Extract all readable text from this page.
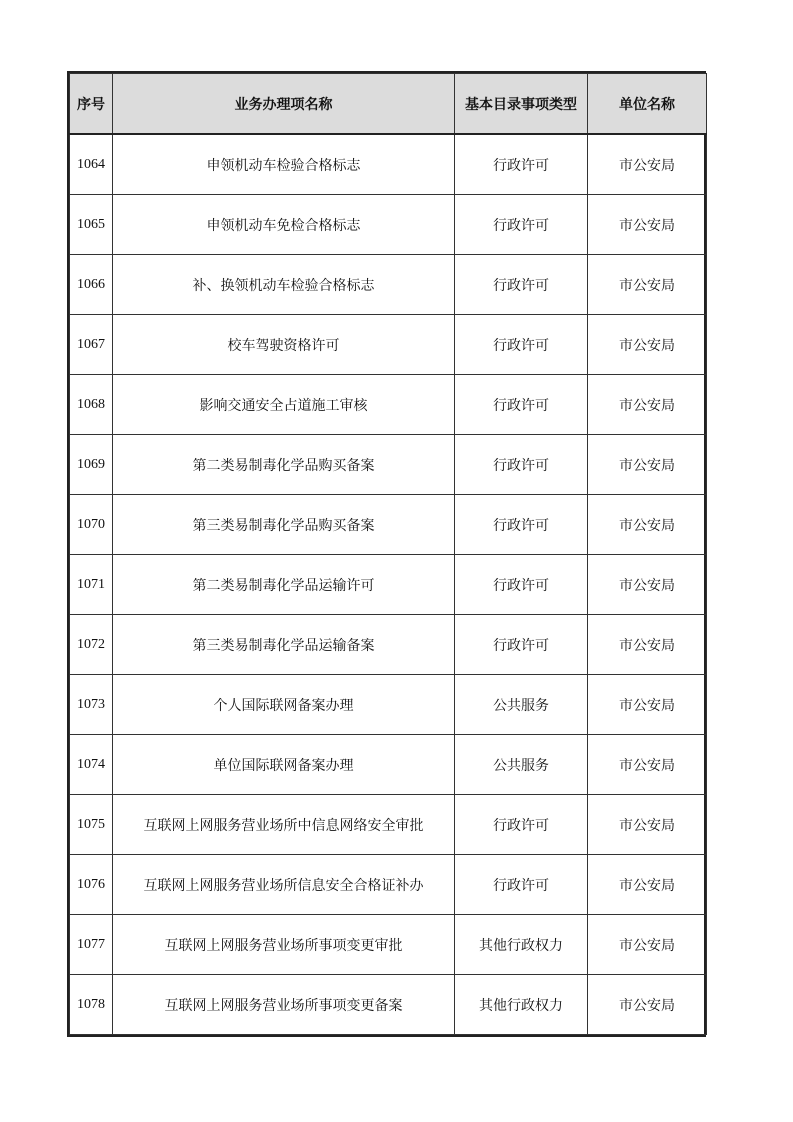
序号	业务办理项名称	基本目录事项类型	单位名称
1064	申领机动车检验合格标志	行政许可	市公安局
1065	申领机动车免检合格标志	行政许可	市公安局
1066	补、换领机动车检验合格标志	行政许可	市公安局
1067	校车驾驶资格许可	行政许可	市公安局
1068	影响交通安全占道施工审核	行政许可	市公安局
1069	第二类易制毒化学品购买备案	行政许可	市公安局
1070	第三类易制毒化学品购买备案	行政许可	市公安局
1071	第二类易制毒化学品运输许可	行政许可	市公安局
1072	第三类易制毒化学品运输备案	行政许可	市公安局
1073	个人国际联网备案办理	公共服务	市公安局
1074	单位国际联网备案办理	公共服务	市公安局
1075	互联网上网服务营业场所中信息网络安全审批	行政许可	市公安局
1076	互联网上网服务营业场所信息安全合格证补办	行政许可	市公安局
1077	互联网上网服务营业场所事项变更审批	其他行政权力	市公安局
1078	互联网上网服务营业场所事项变更备案	其他行政权力	市公安局
